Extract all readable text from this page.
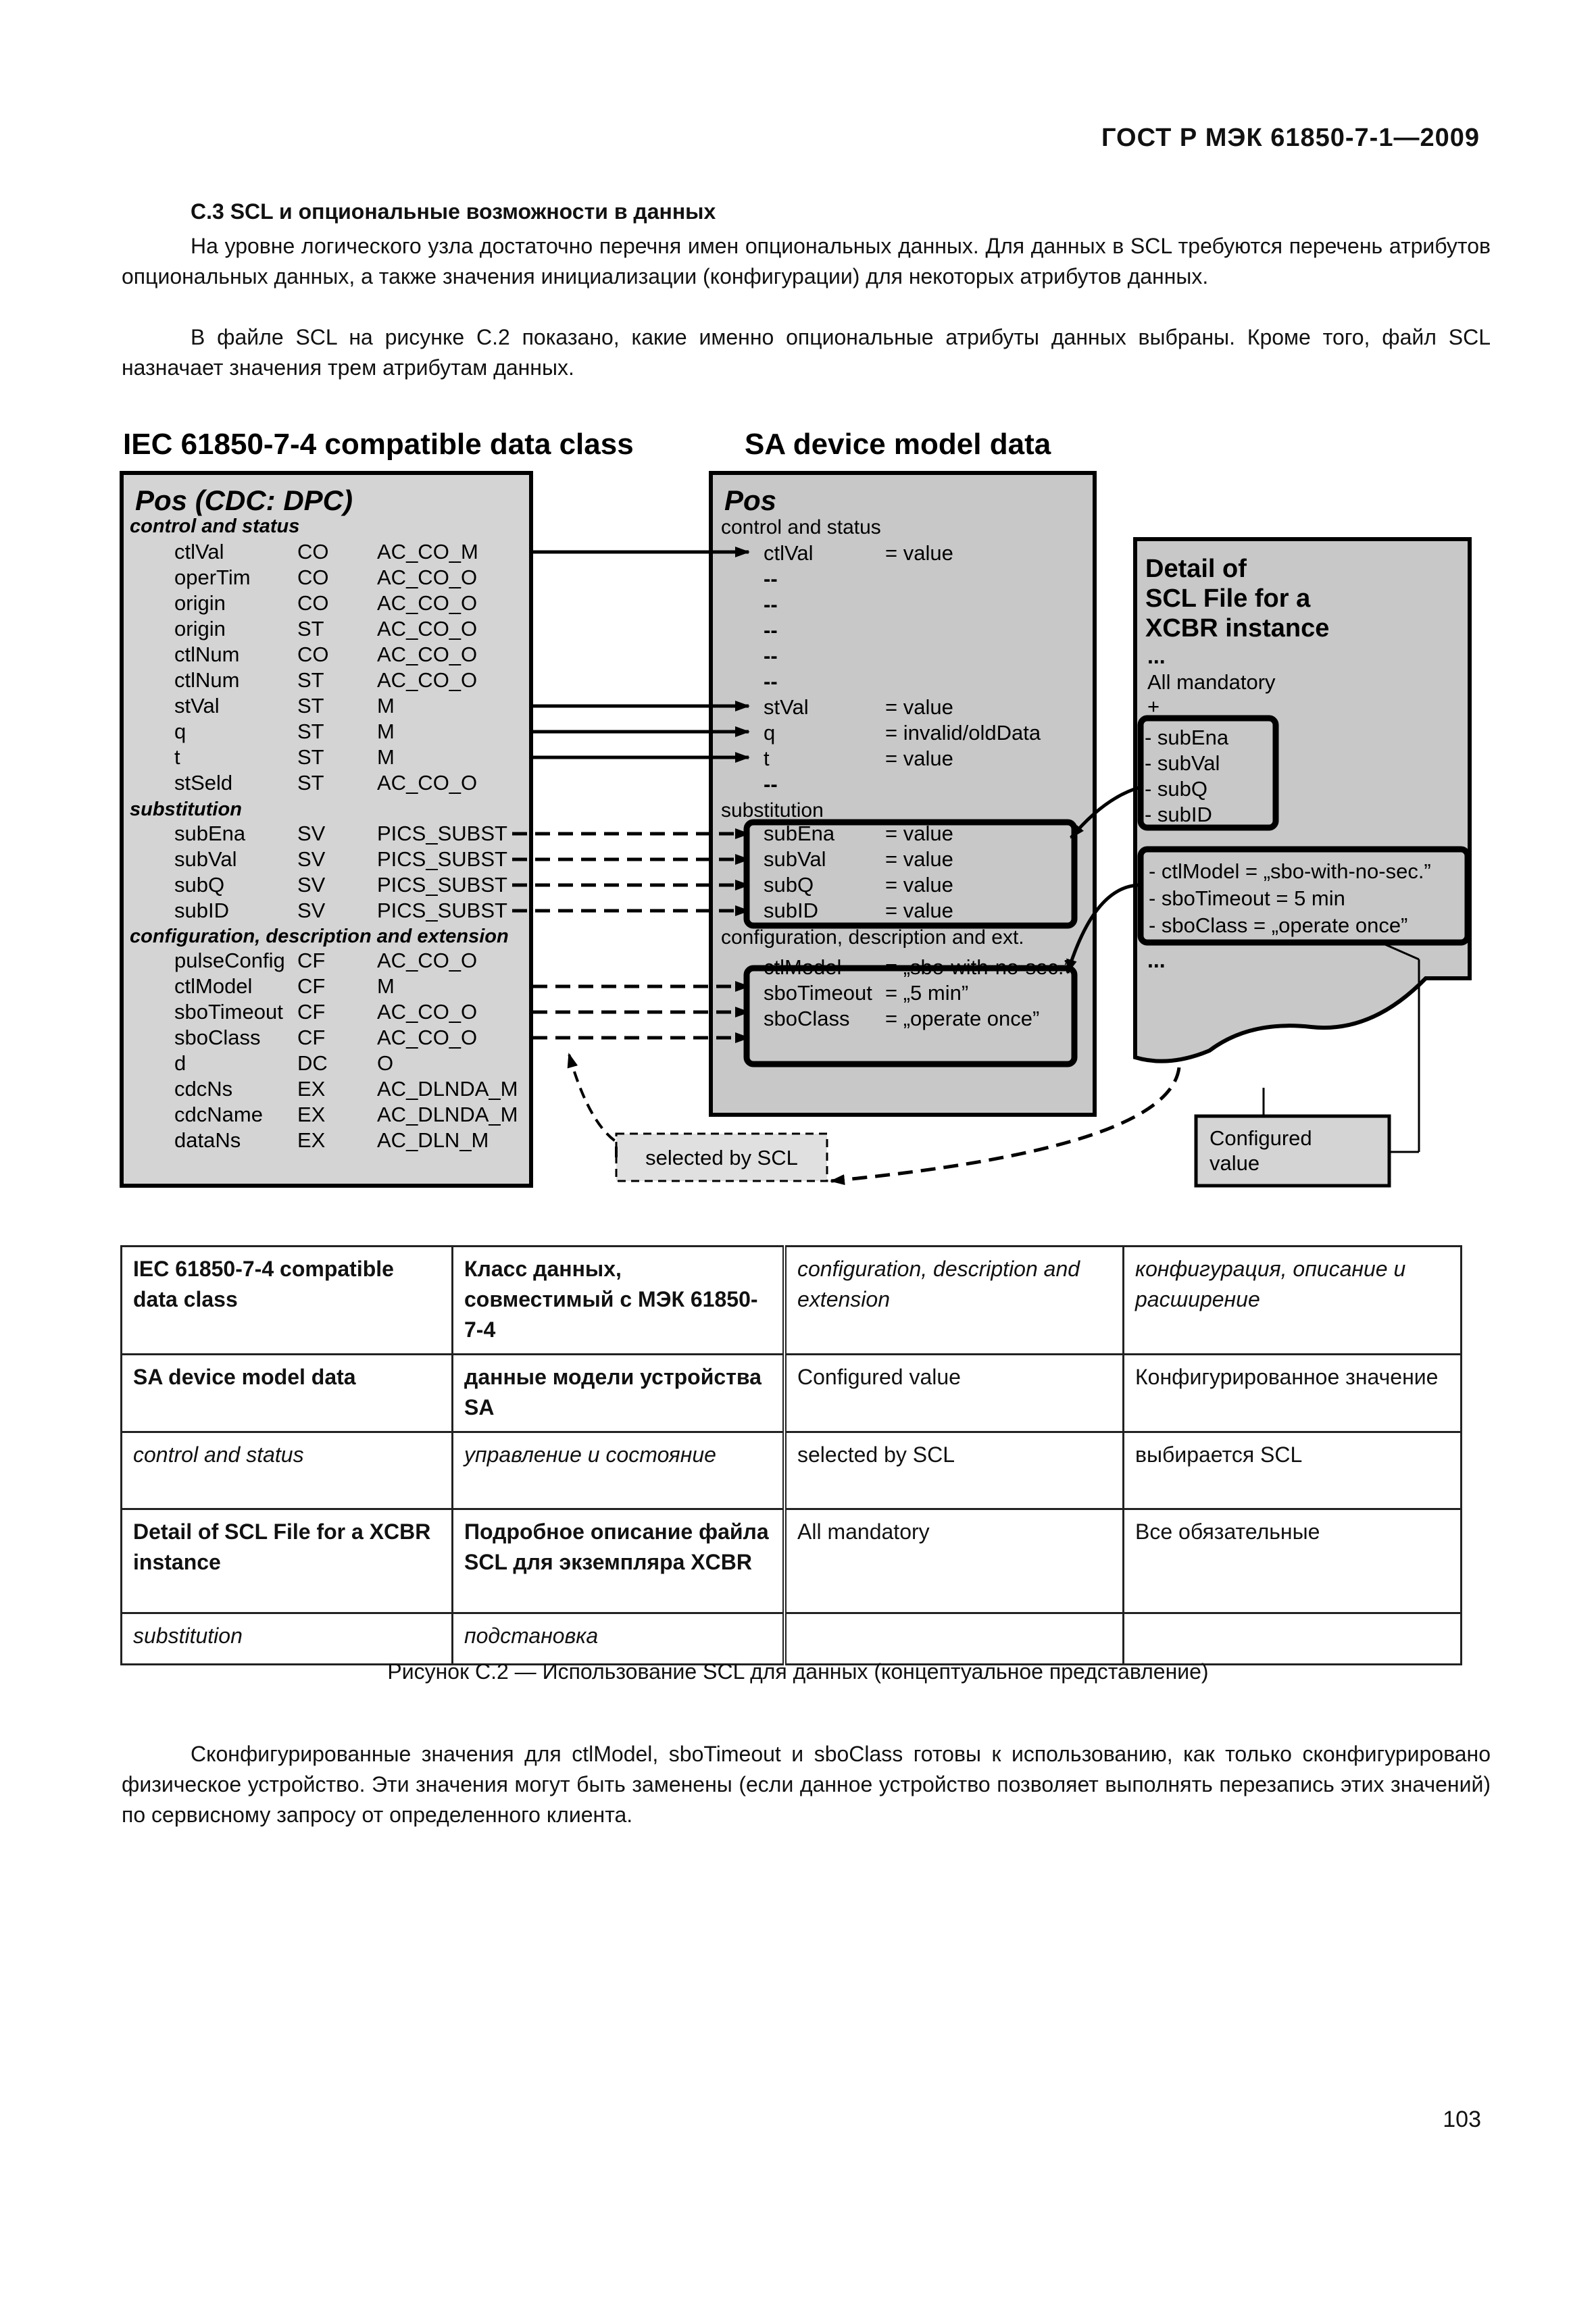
ГОСТ Р МЭК 61850-7-1—2009
С.3 SCL и опциональные возможности в данных

На уровне логического узла достаточно перечня имен опциональных данных. Для данных в SCL требуются перечень атрибутов опциональных данных, а также значения инициализации (конфигурации) для некоторых атрибутов данных.

В файле SCL на рисунке С.2 показано, какие именно опциональные атрибуты данных выбраны. Кроме того, файл SCL назначает значения трем атрибутам данных.

IEC 61850-7-4 compatible data class	SA device model data
Pos (CDC: DPC)
control and status
substitution
configuration, description and extension
ctlVal	CO AC_CO_M
operTim CO AC_CO_O
origin	CO AC_CO_O
origin	ST	AC_CO_O
ctlNum	CO AC_CO_O
ctlNum	ST	AC_CO_O
stVal	ST	M
q	ST	M
t	ST	M
stSeld	ST	AC_CO_O
subEna SV PICS_SUBST
subVal	SV PICS_SUBST
subQ	SV PICS_SUBST
subID	SV PICS_SUBST
pulseConfig CF AC_CO_O
ctlModel CF M
sboTimeout CF AC_CO_O
sboClass CF AC_CO_O
d	DC O
cdcNs	EX AC_DLNDA_M
cdcName EX AC_DLNDA_M
dataNs	EX AC_DLN_M
Pos
control and status
substitution
configuration, description and ext.
ctlVal	= value
--
--
--
--
--
stVal	= value
q	= invalid/oldData
t	= value
--
subEna = value
subVal	= value
subQ	= value
subID	= value
ctlModel = „sbo-with-no-sec.”
sboTimeout = „5 min”
sboClass = „operate once”
Detail of
SCL File for a
XCBR instance
...
All mandatory
+
- subEna
- subVal
- subQ
- subID
- ctlModel = „sbo-with-no-sec.”
- sboTimeout = 5 min
- sboClass = „operate once”
...
selected by SCL
Configured
value
IEC 61850-7-4 compatible data class	Класс данных, совместимый с МЭК 61850-7-4	configuration, description and extension	конфигурация, описание и расширение
SA device model data	данные модели устройства SA	Configured value	Конфигурированное значение
control and status	управление и состояние	selected by SCL	выбирается SCL
Detail of SCL File for a XCBR instance	Подробное описание файла SCL для экземпляра XCBR	All mandatory	Все обязательные
substitution	подстановка		
Рисунок С.2 — Использование SCL для данных (концептуальное представление)

Сконфигурированные значения для ctlModel, sboTimeout и sboClass готовы к использованию, как только сконфигурировано физическое устройство. Эти значения могут быть заменены (если данное устройство позволяет выполнять перезапись этих значений) по сервисному запросу от определенного клиента.

103
